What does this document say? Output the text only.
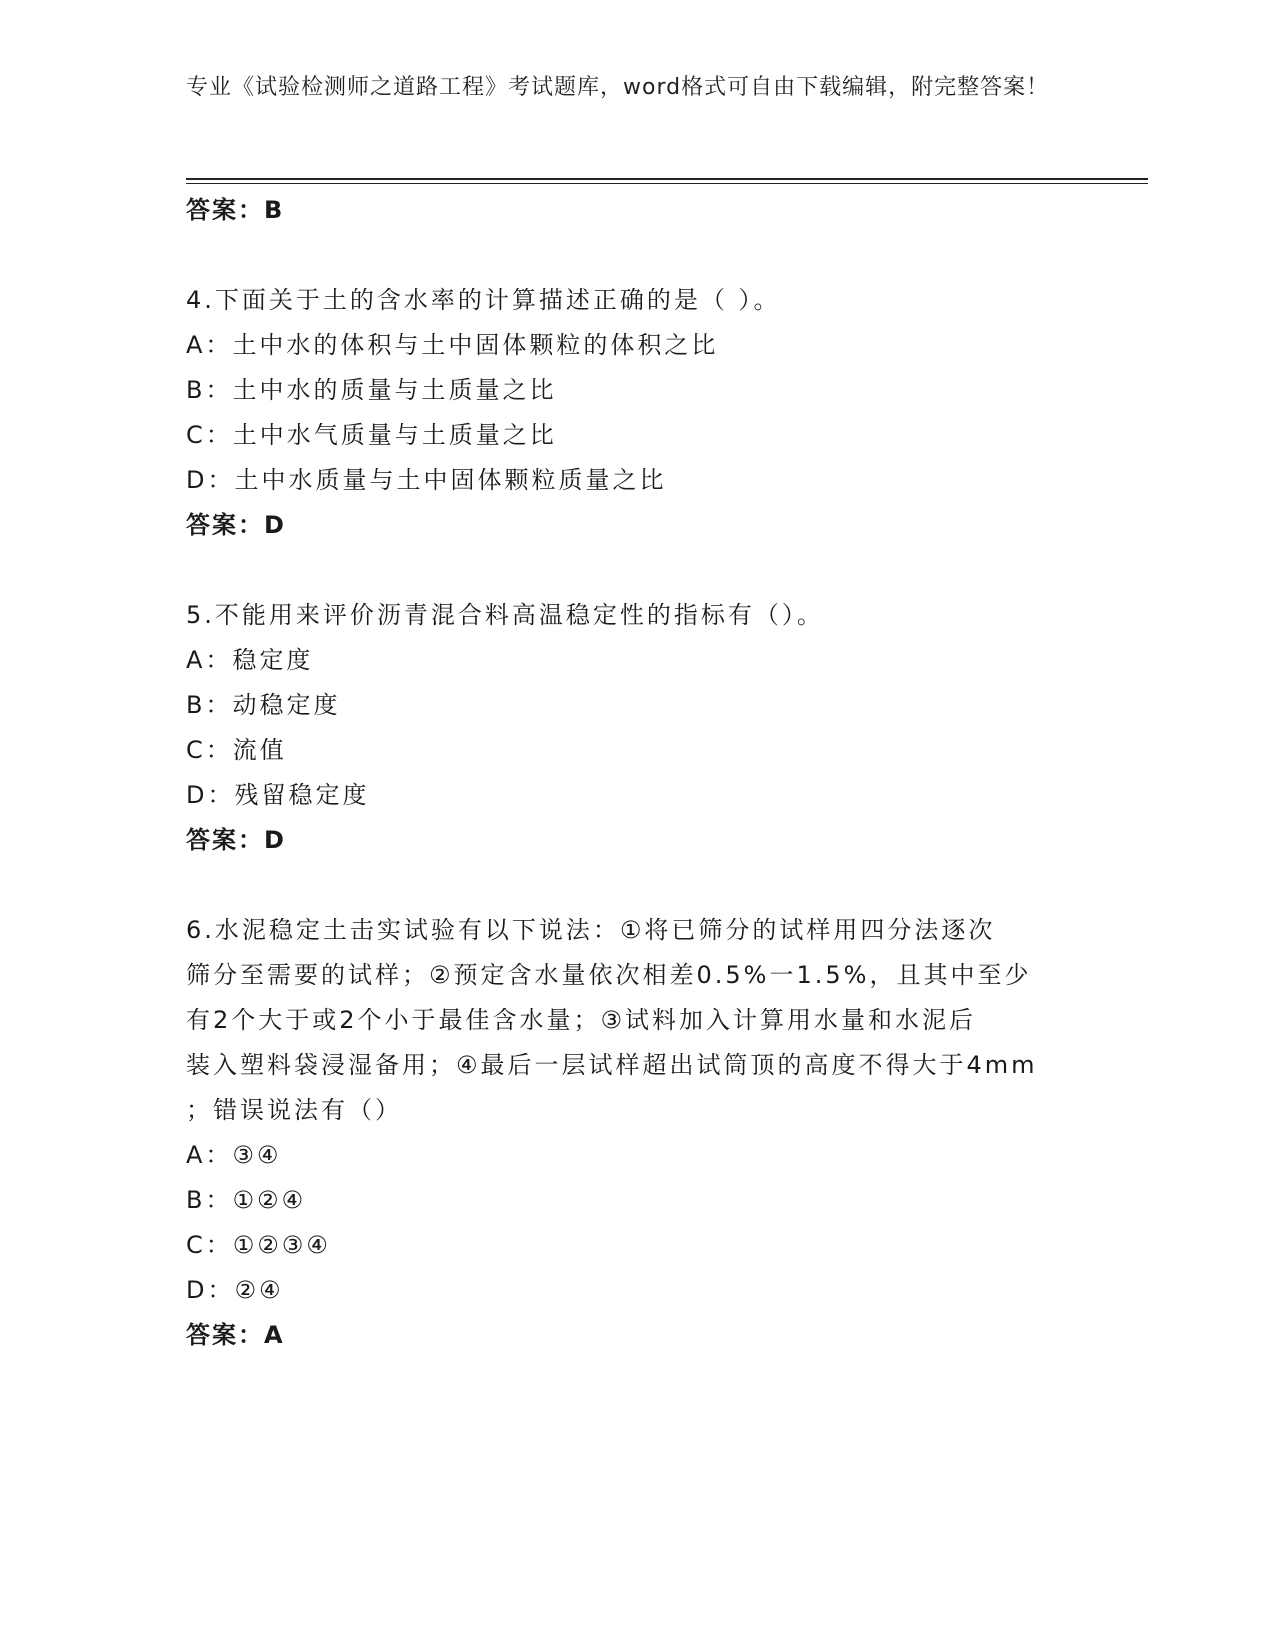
专业《试验检测师之道路工程》考试题库，word格式可自由下载编辑，附完整答案！
答案：B
4.下面关于土的含水率的计算描述正确的是（ ）。
A：土中水的体积与土中固体颗粒的体积之比
B：土中水的质量与土质量之比
C：土中水气质量与土质量之比
D：土中水质量与土中固体颗粒质量之比
答案：D
5.不能用来评价沥青混合料高温稳定性的指标有（）。
A：稳定度
B：动稳定度
C：流值
D：残留稳定度
答案：D
6.水泥稳定土击实试验有以下说法：①将已筛分的试样用四分法逐次
筛分至需要的试样；②预定含水量依次相差0.5%一1.5%，且其中至少
有2个大于或2个小于最佳含水量；③试料加入计算用水量和水泥后
装入塑料袋浸湿备用；④最后一层试样超出试筒顶的高度不得大于4mm
；错误说法有（）
A：③④
B：①②④
C：①②③④
D：②④
答案：A
